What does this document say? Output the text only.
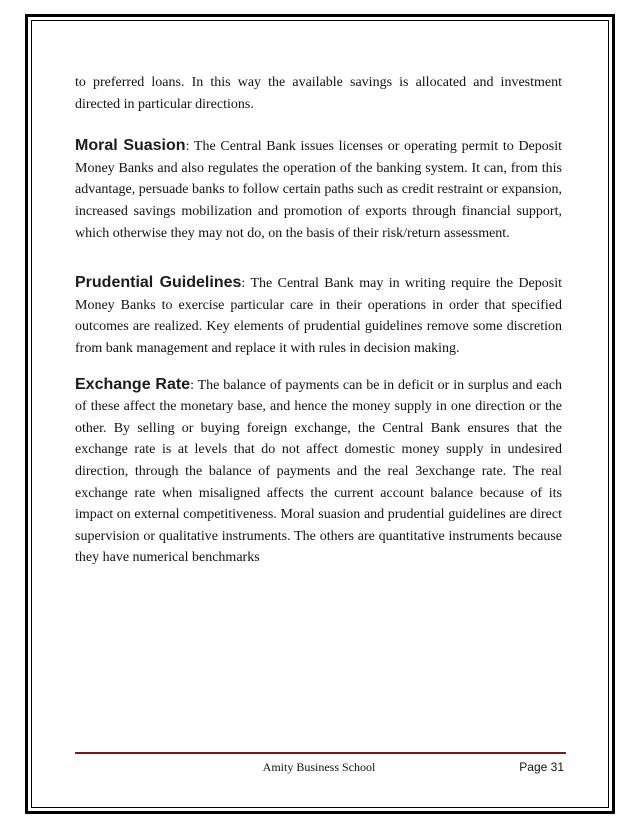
to preferred loans. In this way the available savings is allocated and investment directed in particular directions.

Moral Suasion: The Central Bank issues licenses or operating permit to Deposit Money Banks and also regulates the operation of the banking system. It can, from this advantage, persuade banks to follow certain paths such as credit restraint or expansion, increased savings mobilization and promotion of exports through financial support, which otherwise they may not do, on the basis of their risk/return assessment.

Prudential Guidelines: The Central Bank may in writing require the Deposit Money Banks to exercise particular care in their operations in order that specified outcomes are realized. Key elements of prudential guidelines remove some discretion from bank management and replace it with rules in decision making.

Exchange Rate: The balance of payments can be in deficit or in surplus and each of these affect the monetary base, and hence the money supply in one direction or the other. By selling or buying foreign exchange, the Central Bank ensures that the exchange rate is at levels that do not affect domestic money supply in undesired direction, through the balance of payments and the real 3exchange rate. The real exchange rate when misaligned affects the current account balance because of its impact on external competitiveness. Moral suasion and prudential guidelines are direct supervision or qualitative instruments. The others are quantitative instruments because they have numerical benchmarks

Amity Business School	Page 31
